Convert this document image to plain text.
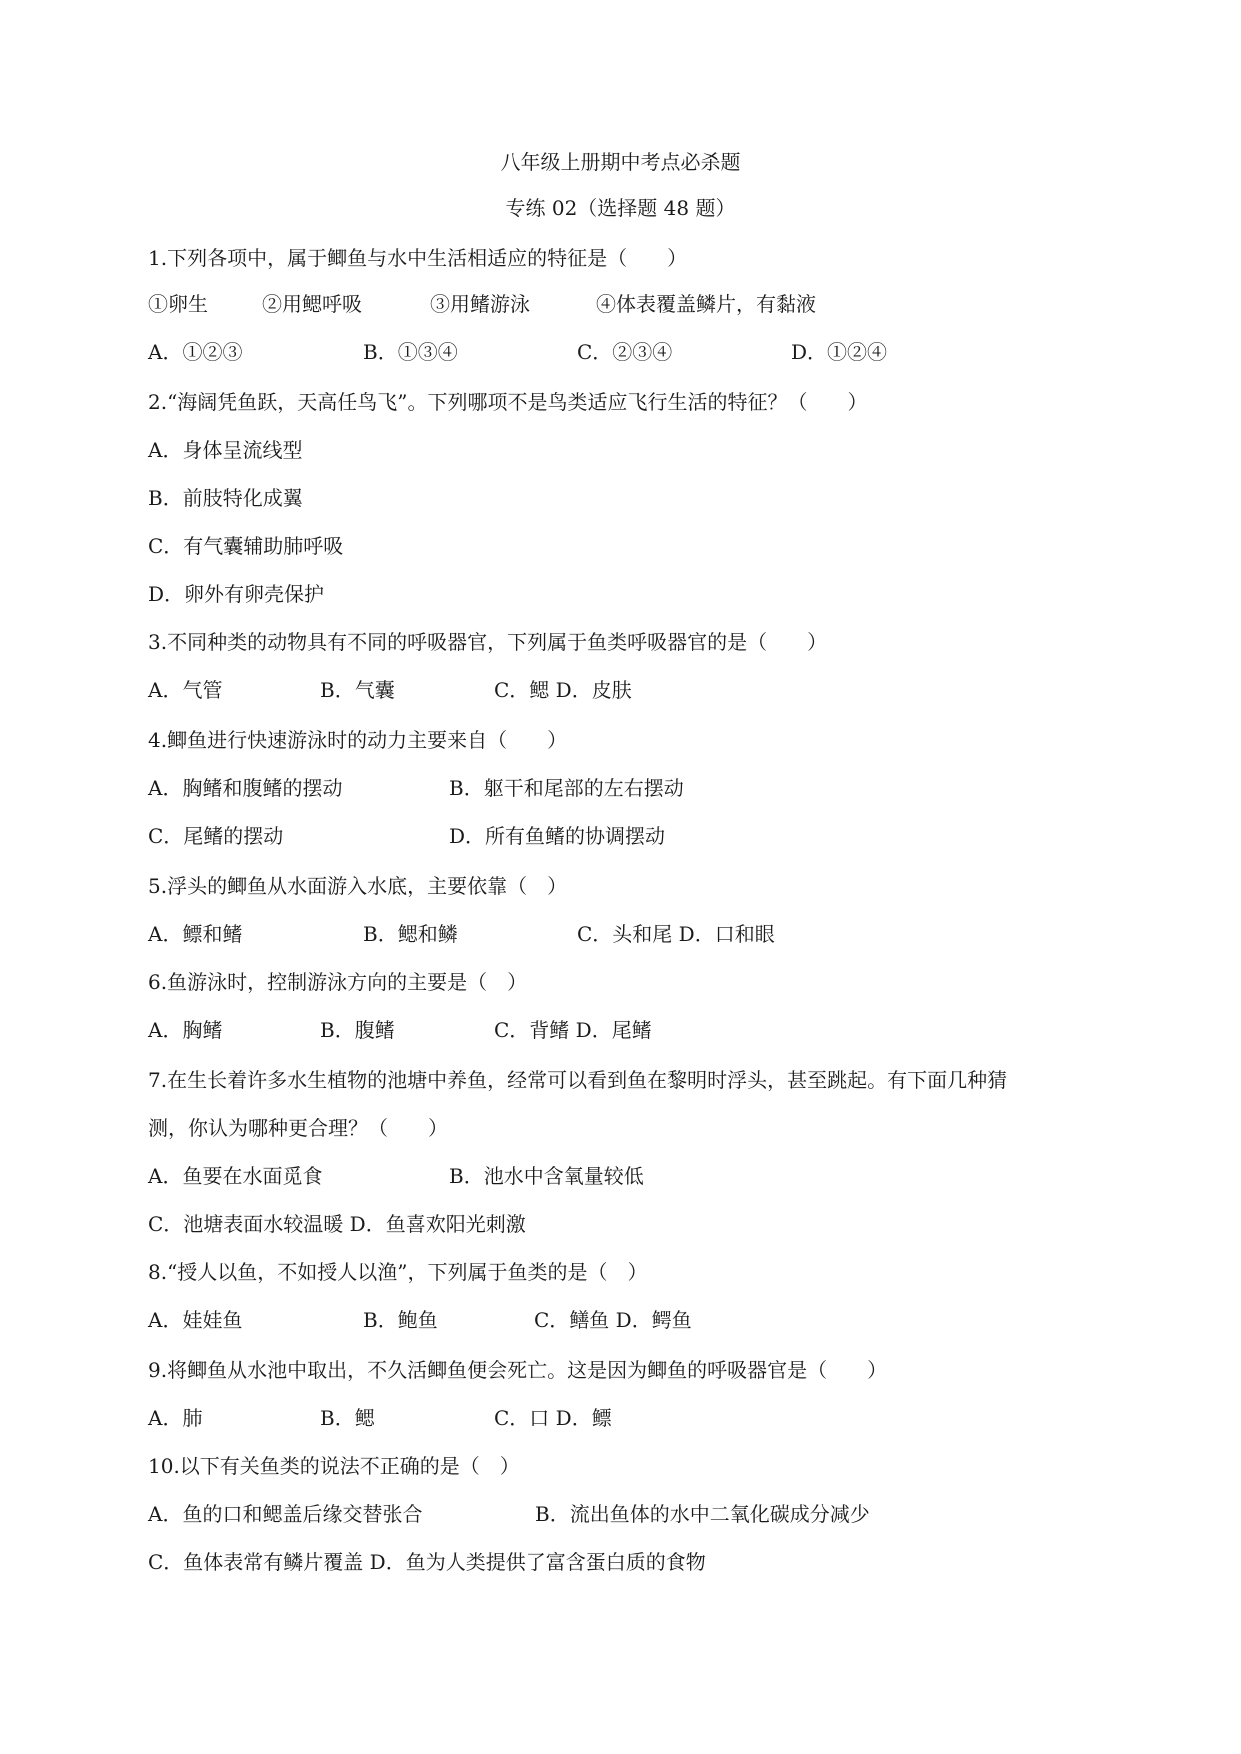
八年级上册期中考点必杀题
专练 02（选择题 48 题）
1.下列各项中，属于鲫鱼与水中生活相适应的特征是（　　）
①卵生	②用鳃呼吸	③用鳍游泳	④体表覆盖鳞片，有黏液
A．①②③	B．①③④	C．②③④	D．①②④
2.“海阔凭鱼跃，天高任鸟飞”。下列哪项不是鸟类适应飞行生活的特征？（　　）
A．身体呈流线型
B．前肢特化成翼
C．有气囊辅助肺呼吸
D．卵外有卵壳保护
3.不同种类的动物具有不同的呼吸器官，下列属于鱼类呼吸器官的是（　　）
A．气管	B．气囊	C．鳃 D．皮肤
4.鲫鱼进行快速游泳时的动力主要来自（　　）
A．胸鳍和腹鳍的摆动	B．躯干和尾部的左右摆动
C．尾鳍的摆动	D．所有鱼鳍的协调摆动
5.浮头的鲫鱼从水面游入水底，主要依靠（　）
A．鳔和鳍	B．鳃和鳞	C．头和尾 D．口和眼
6.鱼游泳时，控制游泳方向的主要是（　）
A．胸鳍	B．腹鳍	C．背鳍 D．尾鳍
7.在生长着许多水生植物的池塘中养鱼，经常可以看到鱼在黎明时浮头，甚至跳起。有下面几种猜
测，你认为哪种更合理？（　　）
A．鱼要在水面觅食	B．池水中含氧量较低
C．池塘表面水较温暖 D．鱼喜欢阳光刺激
8.“授人以鱼，不如授人以渔”，下列属于鱼类的是（　）
A．娃娃鱼	B．鲍鱼	C．鳝鱼 D．鳄鱼
9.将鲫鱼从水池中取出，不久活鲫鱼便会死亡。这是因为鲫鱼的呼吸器官是（　　）
A．肺	B．鳃	C．口 D．鳔
10.以下有关鱼类的说法不正确的是（　）
A．鱼的口和鳃盖后缘交替张合	B．流出鱼体的水中二氧化碳成分减少
C．鱼体表常有鳞片覆盖 D．鱼为人类提供了富含蛋白质的食物
